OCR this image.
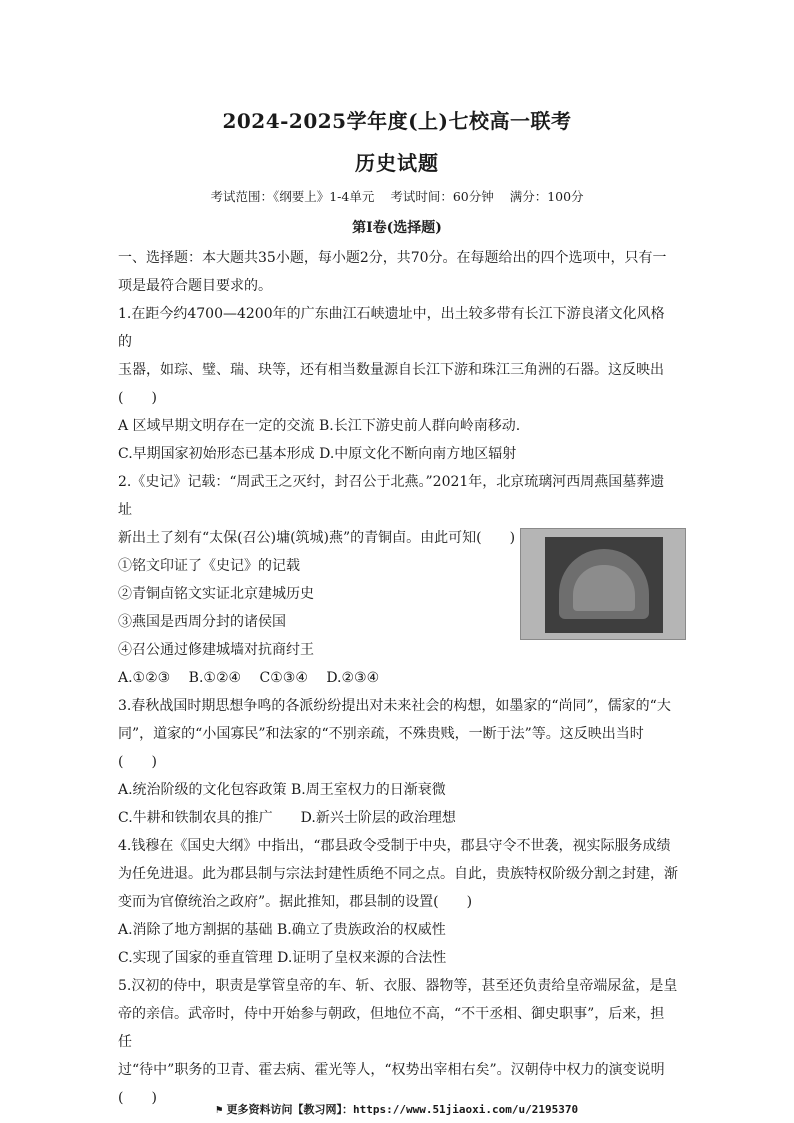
2024-2025学年度(上)七校高一联考
历史试题
考试范围：《纲要上》1-4单元 考试时间：60分钟 满分：100分
第Ⅰ卷(选择题)

一、选择题：本大题共35小题，每小题2分，共70分。在每题给出的四个选项中，只有一

项是最符合题目要求的。

1.在距今约4700—4200年的广东曲江石峡遗址中，出土较多带有长江下游良渚文化风格的

玉器，如琮、璧、瑞、玦等，还有相当数量源自长江下游和珠江三角洲的石器。这反映出(　　)

A 区域早期文明存在一定的交流 B.长江下游史前人群向岭南移动.

C.早期国家初始形态已基本形成 D.中原文化不断向南方地区辐射

2.《史记》记载：“周武王之灭纣，封召公于北燕。”2021年，北京琉璃河西周燕国墓葬遗址

新出土了刻有“太保(召公)墉(筑城)燕”的青铜卣。由此可知(　　)

①铭文印证了《史记》的记载

②青铜卣铭文实证北京建城历史

③燕国是西周分封的诸侯国

④召公通过修建城墙对抗商纣王

A.①②③　 B.①②④　 C①③④　 D.②③④

3.春秋战国时期思想争鸣的各派纷纷提出对未来社会的构想，如墨家的“尚同”，儒家的“大

同”，道家的“小国寡民”和法家的“不别亲疏，不殊贵贱，一断于法”等。这反映出当时(　　)

A.统治阶级的文化包容政策 B.周王室权力的日渐衰微

C.牛耕和铁制农具的推广　　D.新兴士阶层的政治理想

4.钱穆在《国史大纲》中指出，“郡县政令受制于中央，郡县守令不世袭，视实际服务成绩

为任免进退。此为郡县制与宗法封建性质绝不同之点。自此，贵族特权阶级分割之封建，渐

变而为官僚统治之政府”。据此推知，郡县制的设置(　　)

A.消除了地方割据的基础 B.确立了贵族政治的权威性

C.实现了国家的垂直管理 D.证明了皇权来源的合法性

5.汉初的侍中，职责是掌管皇帝的车、斩、衣服、器物等，甚至还负责给皇帝端尿盆，是皇

帝的亲信。武帝时，侍中开始参与朝政，但地位不高，“不干丞相、御史职事”，后来，担任

过“待中”职务的卫青、霍去病、霍光等人，“权势出宰相右矣”。汉朝侍中权力的演变说明(　　)

⚑ 更多资料访问【教习网】：https://www.51jiaoxi.com/u/2195370
